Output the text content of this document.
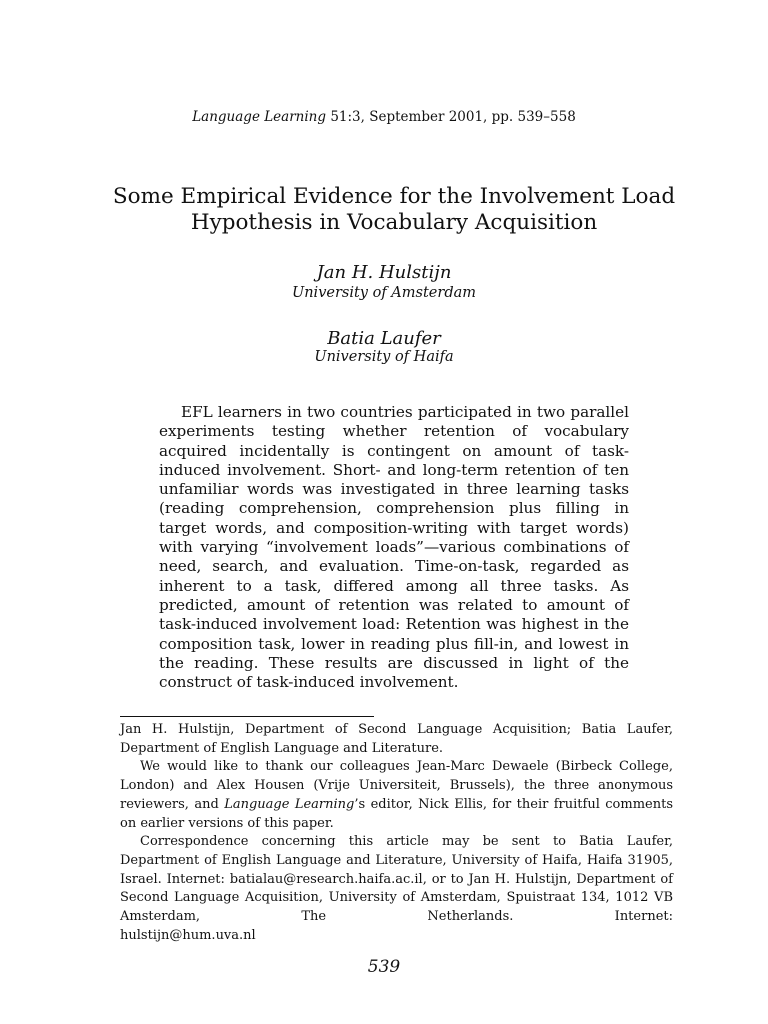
Language Learning 51:3, September 2001, pp. 539–558
Some Empirical Evidence for the Involvement Load Hypothesis in Vocabulary Acquisition
Jan H. Hulstijn
University of Amsterdam
Batia Laufer
University of Haifa
EFL learners in two countries participated in two parallel experiments testing whether retention of vocabulary acquired incidentally is contingent on amount of task-induced involvement. Short- and long-term retention of ten unfamiliar words was investigated in three learning tasks (reading comprehension, comprehension plus filling in target words, and composition-writing with target words) with varying “involvement loads”—various combinations of need, search, and evaluation. Time-on-task, regarded as inherent to a task, differed among all three tasks. As predicted, amount of retention was related to amount of task-induced involvement load: Retention was highest in the composition task, lower in reading plus fill-in, and lowest in the reading. These results are discussed in light of the construct of task-induced involvement.

Jan H. Hulstijn, Department of Second Language Acquisition; Batia Laufer, Department of English Language and Literature.

We would like to thank our colleagues Jean-Marc Dewaele (Birbeck College, London) and Alex Housen (Vrije Universiteit, Brussels), the three anonymous reviewers, and Language Learning’s editor, Nick Ellis, for their fruitful comments on earlier versions of this paper.

Correspondence concerning this article may be sent to Batia Laufer, Department of English Language and Literature, University of Haifa, Haifa 31905, Israel. Internet: batialau@research.haifa.ac.il, or to Jan H. Hulstijn, Department of Second Language Acquisition, University of Amsterdam, Spuistraat 134, 1012 VB Amsterdam, The Netherlands. Internet:

hulstijn@hum.uva.nl

539
